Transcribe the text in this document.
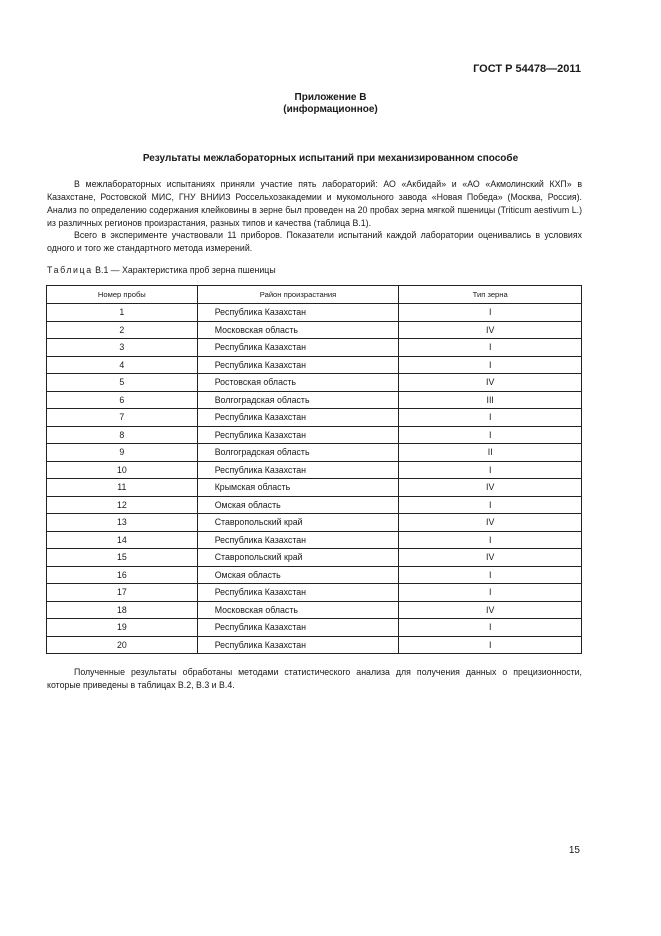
ГОСТ Р 54478—2011
Приложение В
(информационное)
Результаты межлабораторных испытаний при механизированном способе

В межлабораторных испытаниях приняли участие пять лабораторий: АО «Акбидай» и «АО «Акмолинский КХП» в Казахстане, Ростовской МИС, ГНУ ВНИИЗ Россельхозакадемии и мукомольного завода «Новая Победа» (Москва, Россия). Анализ по определению содержания клейковины в зерне был проведен на 20 пробах зерна мягкой пшеницы (Triticum aestivum L.) из различных регионов произрастания, разных типов и качества (таблица В.1).

Всего в эксперименте участвовали 11 приборов. Показатели испытаний каждой лаборатории оценивались в условиях одного и того же стандартного метода измерений.

Таблица В.1 — Характеристика проб зерна пшеницы
Номер пробы	Район произрастания	Тип зерна
1	Республика Казахстан	I
2	Московская область	IV
3	Республика Казахстан	I
4	Республика Казахстан	I
5	Ростовская область	IV
6	Волгоградская область	III
7	Республика Казахстан	I
8	Республика Казахстан	I
9	Волгоградская область	II
10	Республика Казахстан	I
11	Крымская область	IV
12	Омская область	I
13	Ставропольский край	IV
14	Республика Казахстан	I
15	Ставропольский край	IV
16	Омская область	I
17	Республика Казахстан	I
18	Московская область	IV
19	Республика Казахстан	I
20	Республика Казахстан	I

Полученные результаты обработаны методами статистического анализа для получения данных о прецизионности, которые приведены в таблицах В.2, В.3 и В.4.

15
